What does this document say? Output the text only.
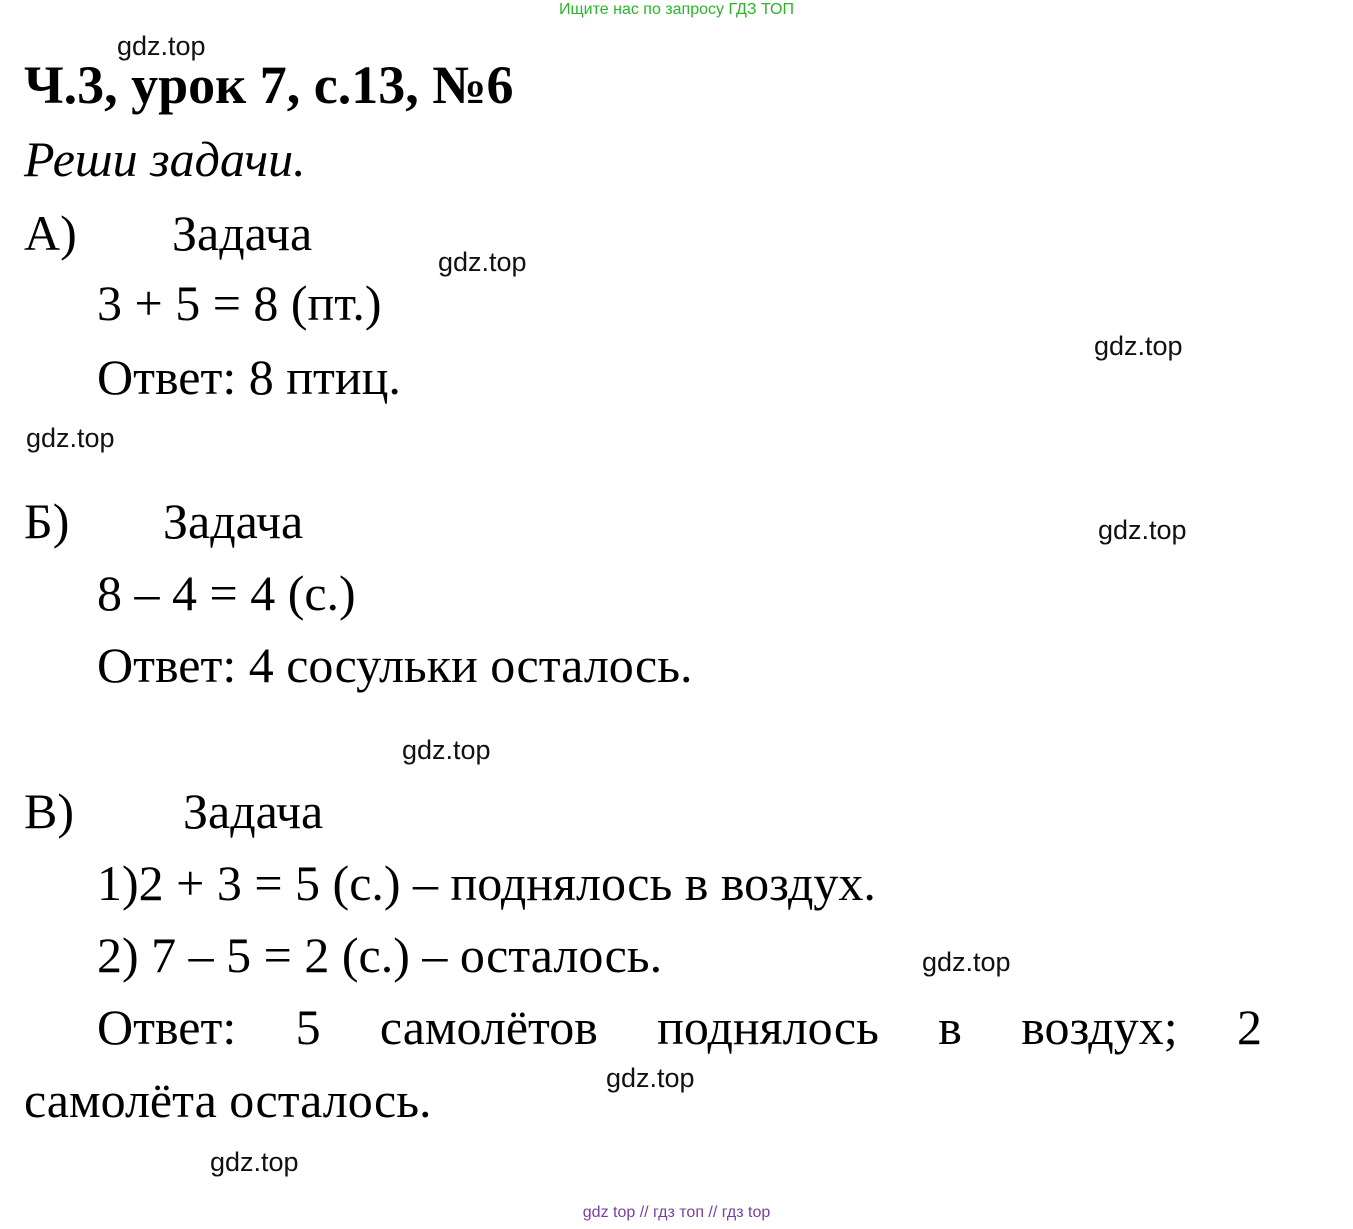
Ищите нас по запросу ГДЗ ТОП
gdz.top
Ч.3, урок 7, с.13, №6
Реши задачи.
А) Задача
gdz.top
3 + 5 = 8 (пт.)
gdz.top
Ответ: 8 птиц.
gdz.top
Б) Задача	gdz.top
8 – 4 = 4 (с.)
Ответ: 4 сосульки осталось.
gdz.top
В) Задача
1)2 + 3 = 5 (с.) – поднялось в воздух.
2) 7 – 5 = 2 (с.) – осталось.	gdz.top
Ответ: 5 самолётов поднялось в воздух; 2
gdz.top
самолёта осталось.
gdz.top
gdz top // гдз топ // гдз top
